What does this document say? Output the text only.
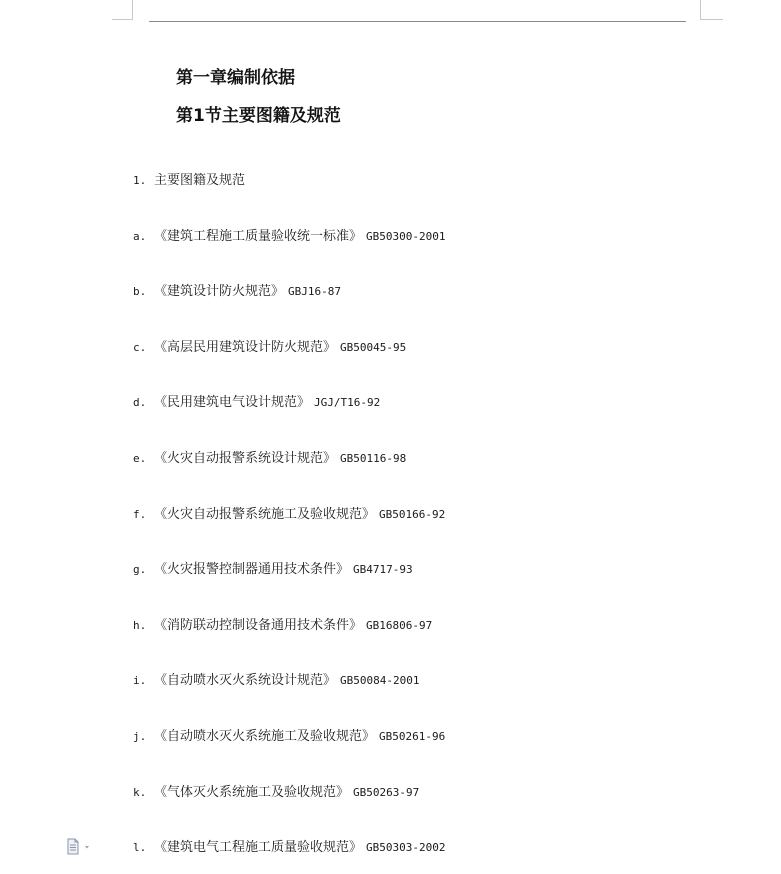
第一章编制依据
第1节主要图籍及规范
1. 主要图籍及规范
a. 《建筑工程施工质量验收统一标准》 GB50300-2001
b. 《建筑设计防火规范》 GBJ16-87
c. 《高层民用建筑设计防火规范》 GB50045-95
d. 《民用建筑电气设计规范》 JGJ/T16-92
e. 《火灾自动报警系统设计规范》 GB50116-98
f. 《火灾自动报警系统施工及验收规范》 GB50166-92
g. 《火灾报警控制器通用技术条件》 GB4717-93
h. 《消防联动控制设备通用技术条件》 GB16806-97
i. 《自动喷水灭火系统设计规范》 GB50084-2001
j. 《自动喷水灭火系统施工及验收规范》 GB50261-96
k. 《气体灭火系统施工及验收规范》 GB50263-97
l. 《建筑电气工程施工质量验收规范》 GB50303-2002
